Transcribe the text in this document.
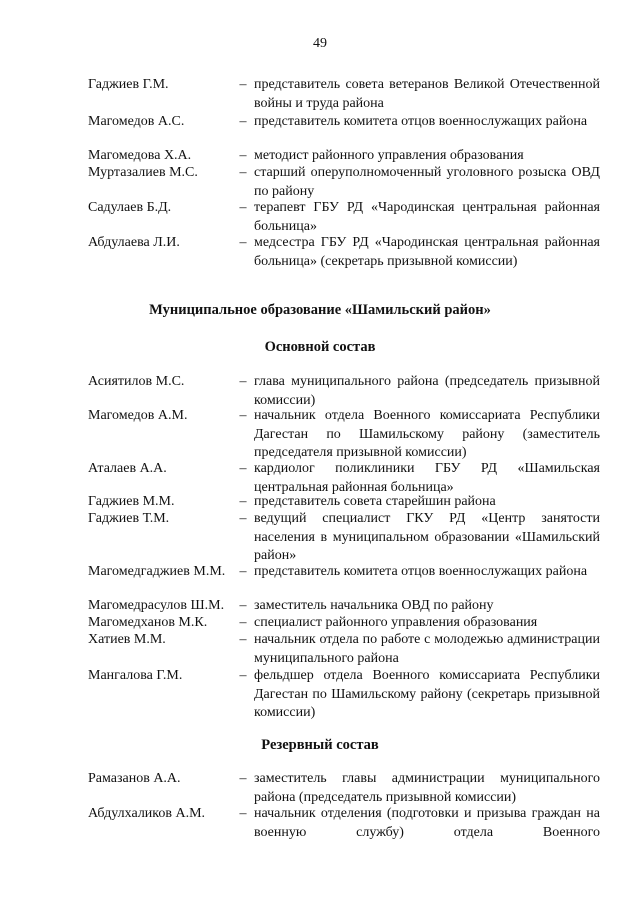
49
Гаджиев Г.М.	– представитель совета ветеранов Великой Отечественной войны и труда района
Магомедов А.С.	– представитель комитета отцов военнослужащих района
Магомедова Х.А.	– методист районного управления образования
Муртазалиев М.С.	– старший оперуполномоченный уголовного розыска ОВД по району
Садулаев Б.Д.	– терапевт ГБУ РД «Чародинская центральная районная больница»
Абдулаева Л.И.	– медсестра ГБУ РД «Чародинская центральная районная больница» (секретарь призывной комиссии)
Муниципальное образование «Шамильский район»
Основной состав
Асиятилов М.С.	– глава муниципального района (председатель призывной комиссии)
Магомедов А.М.	– начальник отдела Военного комиссариата Республики Дагестан по Шамильскому району (заместитель председателя призывной комиссии)
Аталаев А.А.	– кардиолог поликлиники ГБУ РД «Шамильская центральная районная больница»
Гаджиев М.М.	– представитель совета старейшин района
Гаджиев Т.М.	– ведущий специалист ГКУ РД «Центр занятости населения в муниципальном образовании «Шамильский район»
Магомедгаджиев М.М.	– представитель комитета отцов военнослужащих района
Магомедрасулов Ш.М.	– заместитель начальника ОВД по району
Магомедханов М.К.	– специалист районного управления образования
Хатиев М.М.	– начальник отдела по работе с молодежью администрации муниципального района
Мангалова Г.М.	– фельдшер отдела Военного комиссариата Республики Дагестан по Шамильскому району (секретарь призывной комиссии)
Резервный состав
Рамазанов А.А.	– заместитель главы администрации муниципального района (председатель призывной комиссии)
Абдулхаликов А.М.	– начальник отделения (подготовки и призыва граждан на военную службу) отдела Военного
